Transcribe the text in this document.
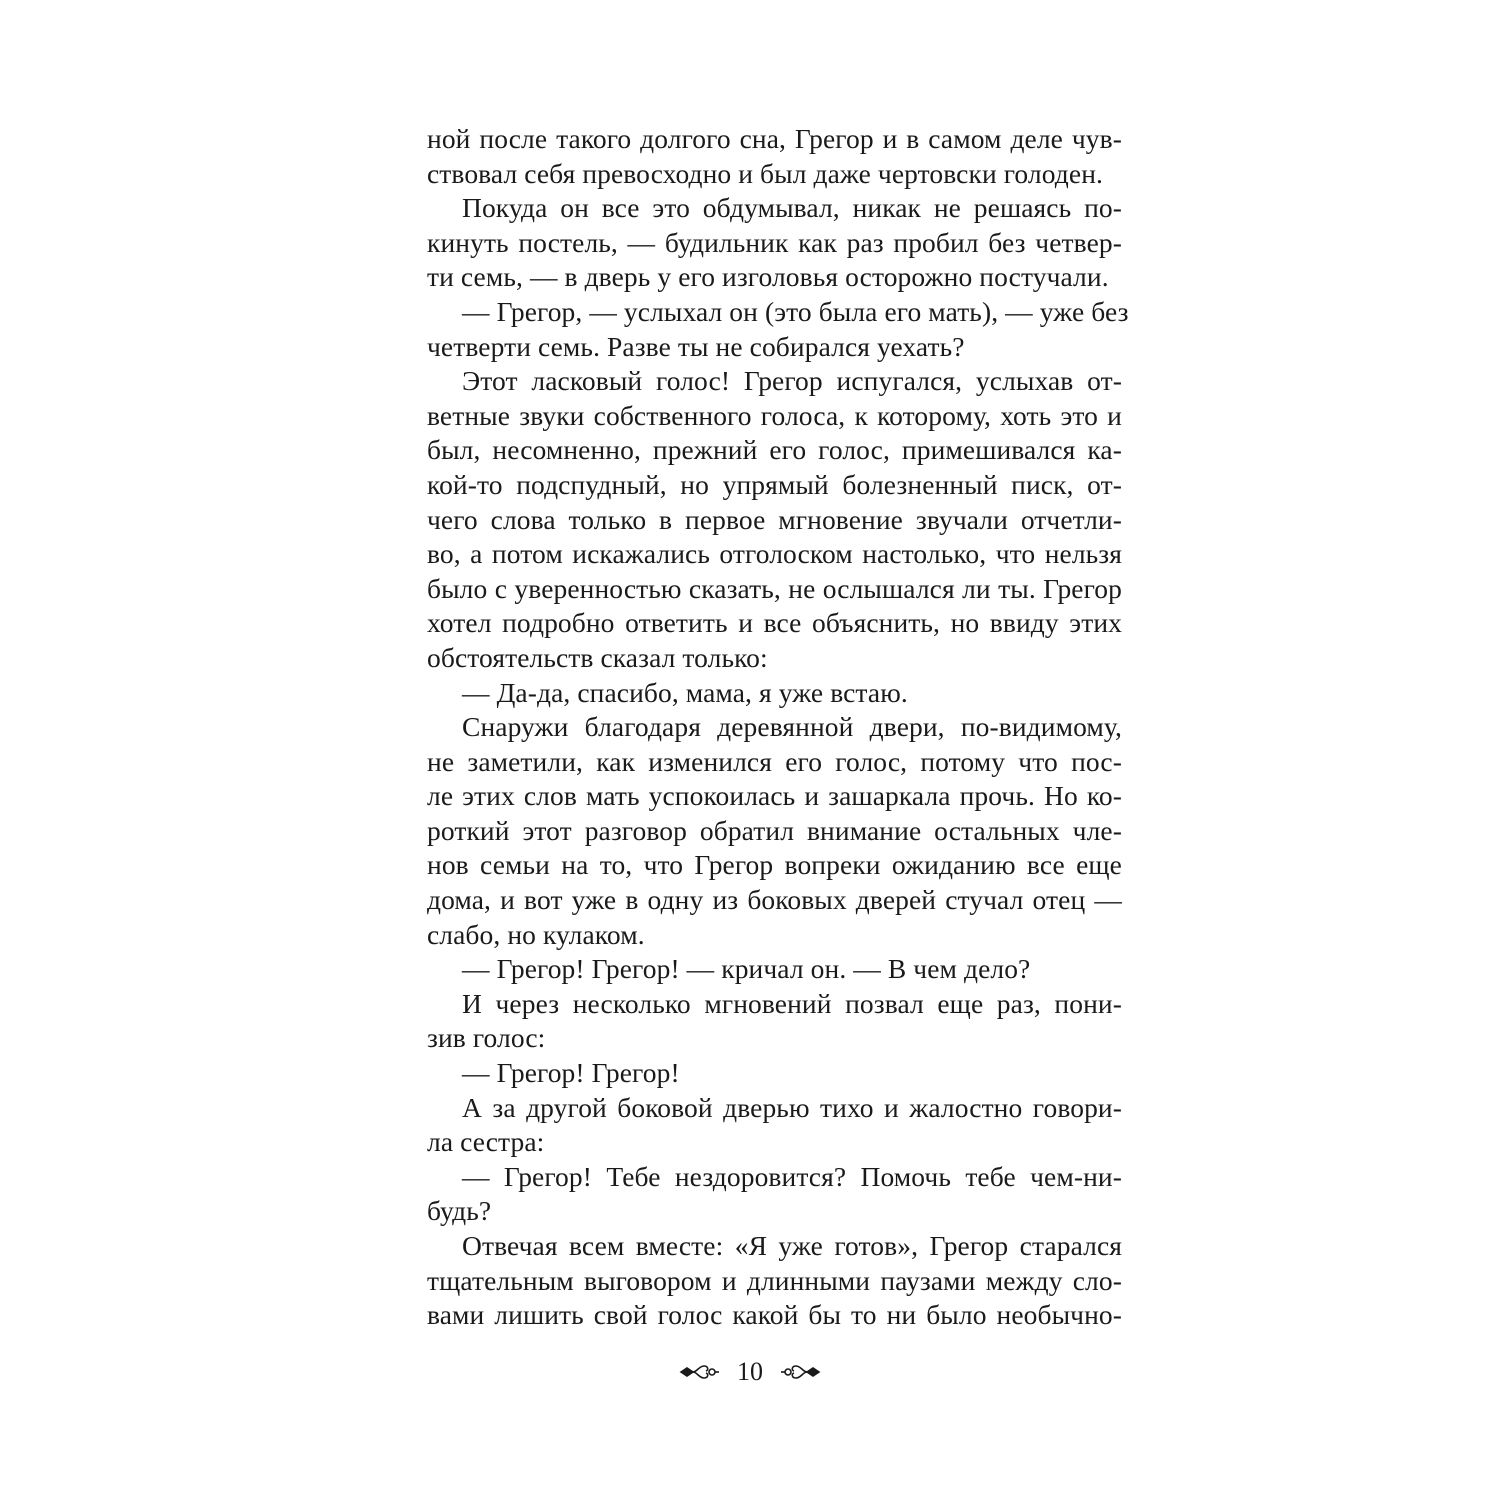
ной после такого долгого сна, Грегор и в самом деле чув-
ствовал себя превосходно и был даже чертовски голоден.
Покуда он все это обдумывал, никак не решаясь по-
кинуть постель, — будильник как раз пробил без четвер-
ти семь, — в дверь у его изголовья осторожно постучали.
— Грегор, — услыхал он (это была его мать), — уже без
четверти семь. Разве ты не собирался уехать?
Этот ласковый голос! Грегор испугался, услыхав от-
ветные звуки собственного голоса, к которому, хоть это и
был, несомненно, прежний его голос, примешивался ка-
кой-то подспудный, но упрямый болезненный писк, от-
чего слова только в первое мгновение звучали отчетли-
во, а потом искажались отголоском настолько, что нельзя
было с уверенностью сказать, не ослышался ли ты. Грегор
хотел подробно ответить и все объяснить, но ввиду этих
обстоятельств сказал только:
— Да-да, спасибо, мама, я уже встаю.
Снаружи благодаря деревянной двери, по-видимому,
не заметили, как изменился его голос, потому что пос-
ле этих слов мать успокоилась и зашаркала прочь. Но ко-
роткий этот разговор обратил внимание остальных чле-
нов семьи на то, что Грегор вопреки ожиданию все еще
дома, и вот уже в одну из боковых дверей стучал отец —
слабо, но кулаком.
— Грегор! Грегор! — кричал он. — В чем дело?
И через несколько мгновений позвал еще раз, пони-
зив голос:
— Грегор! Грегор!
А за другой боковой дверью тихо и жалостно говори-
ла сестра:
— Грегор! Тебе нездоровится? Помочь тебе чем-ни-
будь?
Отвечая всем вместе: «Я уже готов», Грегор старался
тщательным выговором и длинными паузами между сло-
вами лишить свой голос какой бы то ни было необычно-
10
